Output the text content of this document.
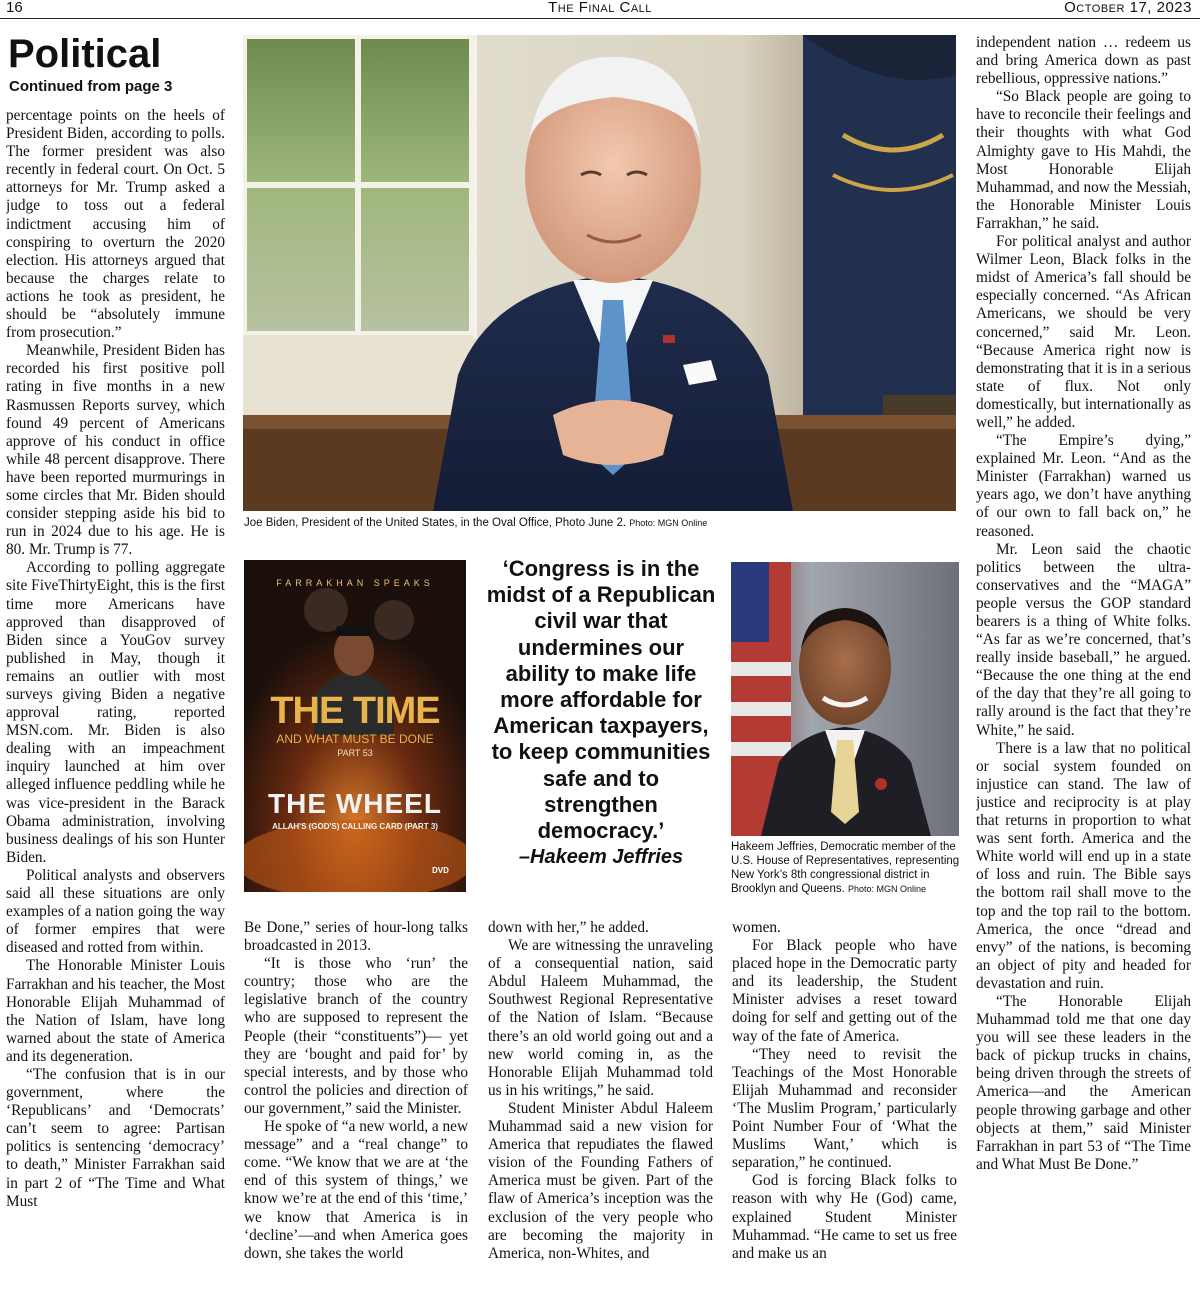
16	The Final Call	October 17, 2023
Political
Continued from page 3

percentage points on the heels of President Biden, according to polls. The former president was also recently in federal court. On Oct. 5 attorneys for Mr. Trump asked a judge to toss out a federal indictment accusing him of conspiring to overturn the 2020 election. His attorneys argued that because the charges relate to actions he took as president, he should be “absolutely immune from prosecution.”

Meanwhile, President Biden has recorded his first positive poll rating in five months in a new Rasmussen Reports survey, which found 49 percent of Americans approve of his conduct in office while 48 percent disapprove. There have been reported murmurings in some circles that Mr. Biden should consider stepping aside his bid to run in 2024 due to his age. He is 80. Mr. Trump is 77.

According to polling aggregate site FiveThirtyEight, this is the first time more Americans have approved than disapproved of Biden since a YouGov survey published in May, though it remains an outlier with most surveys giving Biden a negative approval rating, reported MSN.com. Mr. Biden is also dealing with an impeachment inquiry launched at him over alleged influence peddling while he was vice-president in the Barack Obama administration, involving business dealings of his son Hunter Biden.

Political analysts and observers said all these situations are only examples of a nation going the way of former empires that were diseased and rotted from within.

The Honorable Minister Louis Farrakhan and his teacher, the Most Honorable Elijah Muhammad of the Nation of Islam, have long warned about the state of America and its degeneration.

“The confusion that is in our government, where the ‘Republicans’ and ‘Democrats’ can’t seem to agree: Partisan politics is sentencing ‘democracy’ to death,” Minister Farrakhan said in part 2 of “The Time and What Must

Joe Biden, President of the United States, in the Oval Office, Photo June 2. Photo: MGN Online
FARRAKHAN SPEAKS
THE TIME
AND WHAT MUST BE DONE
PART 53
THE WHEEL
ALLAH'S (GOD'S) CALLING CARD (PART 3)
DVD
‘Congress is in the midst of a Republican civil war that undermines our ability to make life more affordable for American taxpayers, to keep communities safe and to strengthen democracy.’
–Hakeem Jeffries	Hakeem Jeffries, Democratic member of the U.S. House of Representatives, representing New York’s 8th congressional district in Brooklyn and Queens. Photo: MGN Online

Be Done,” series of hour-long talks broadcasted in 2013.

“It is those who ‘run’ the country; those who are the legislative branch of the country who are supposed to represent the People (their “constituents”)— yet they are ‘bought and paid for’ by special interests, and by those who control the policies and direction of our government,” said the Minister.

He spoke of “a new world, a new message” and a “real change” to come. “We know that we are at ‘the end of this system of things,’ we know we’re at the end of this ‘time,’ we know that America is in ‘decline’—and when America goes down, she takes the world

down with her,” he added.

We are witnessing the unraveling of a consequential nation, said Abdul Haleem Muhammad, the Southwest Regional Representative of the Nation of Islam. “Because there’s an old world going out and a new world coming in, as the Honorable Elijah Muhammad told us in his writings,” he said.

Student Minister Abdul Haleem Muhammad said a new vision for America that repudiates the flawed vision of the Founding Fathers of America must be given. Part of the flaw of America’s inception was the exclusion of the very people who are becoming the majority in America, non-Whites, and

women.

For Black people who have placed hope in the Democratic party and its leadership, the Student Minister advises a reset toward doing for self and getting out of the way of the fate of America.

“They need to revisit the Teachings of the Most Honorable Elijah Muhammad and reconsider ‘The Muslim Program,’ particularly Point Number Four of ‘What the Muslims Want,’ which is separation,” he continued.

God is forcing Black folks to reason with why He (God) came, explained Student Minister Muhammad. “He came to set us free and make us an

independent nation … redeem us and bring America down as past rebellious, oppressive nations.”

“So Black people are going to have to reconcile their feelings and their thoughts with what God Almighty gave to His Mahdi, the Most Honorable Elijah Muhammad, and now the Messiah, the Honorable Minister Louis Farrakhan,” he said.

For political analyst and author Wilmer Leon, Black folks in the midst of America’s fall should be especially concerned. “As African Americans, we should be very concerned,” said Mr. Leon. “Because America right now is demonstrating that it is in a serious state of flux. Not only domestically, but internationally as well,” he added.

“The Empire’s dying,” explained Mr. Leon. “And as the Minister (Farrakhan) warned us years ago, we don’t have anything of our own to fall back on,” he reasoned.

Mr. Leon said the chaotic politics between the ultra-conservatives and the “MAGA” people versus the GOP standard bearers is a thing of White folks. “As far as we’re concerned, that’s really inside baseball,” he argued. “Because the one thing at the end of the day that they’re all going to rally around is the fact that they’re White,” he said.

There is a law that no political or social system founded on injustice can stand. The law of justice and reciprocity is at play that returns in proportion to what was sent forth. America and the White world will end up in a state of loss and ruin. The Bible says the bottom rail shall move to the top and the top rail to the bottom. America, the once “dread and envy” of the nations, is becoming an object of pity and headed for devastation and ruin.

“The Honorable Elijah Muhammad told me that one day you will see these leaders in the back of pickup trucks in chains, being driven through the streets of America—and the American people throwing garbage and other objects at them,” said Minister Farrakhan in part 53 of “The Time and What Must Be Done.”
